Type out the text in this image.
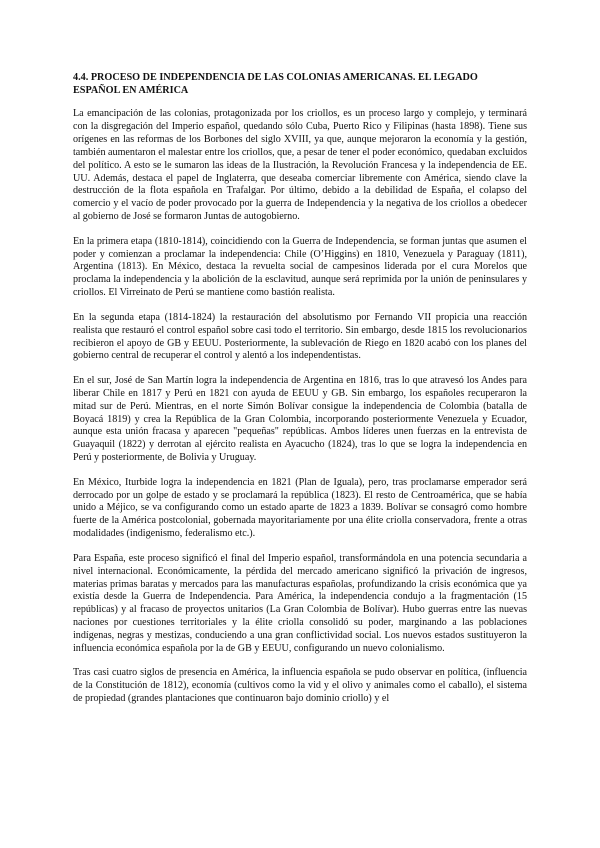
4.4. PROCESO DE INDEPENDENCIA DE LAS COLONIAS AMERICANAS. EL LEGADO ESPAÑOL EN AMÉRICA

La emancipación de las colonias, protagonizada por los criollos, es un proceso largo y complejo, y terminará con la disgregación del Imperio español, quedando sólo Cuba, Puerto Rico y Filipinas (hasta 1898). Tiene sus orígenes en las reformas de los Borbones del siglo XVIII, ya que, aunque mejoraron la economía y la gestión, también aumentaron el malestar entre los criollos, que, a pesar de tener el poder económico, quedaban excluidos del político. A esto se le sumaron las ideas de la Ilustración, la Revolución Francesa y la independencia de EE. UU. Además, destaca el papel de Inglaterra, que deseaba comerciar libremente con América, siendo clave la destrucción de la flota española en Trafalgar. Por último, debido a la debilidad de España, el colapso del comercio y el vacío de poder provocado por la guerra de Independencia y la negativa de los criollos a obedecer al gobierno de José se formaron Juntas de autogobierno.

En la primera etapa (1810-1814), coincidiendo con la Guerra de Independencia, se forman juntas que asumen el poder y comienzan a proclamar la independencia: Chile (O’Higgins) en 1810, Venezuela y Paraguay (1811), Argentina (1813). En México, destaca la revuelta social de campesinos liderada por el cura Morelos que proclama la independencia y la abolición de la esclavitud, aunque será reprimida por la unión de peninsulares y criollos. El Virreinato de Perú se mantiene como bastión realista.

En la segunda etapa (1814-1824) la restauración del absolutismo por Fernando VII propicia una reacción realista que restauró el control español sobre casi todo el territorio. Sin embargo, desde 1815 los revolucionarios recibieron el apoyo de GB y EEUU. Posteriormente, la sublevación de Riego en 1820 acabó con los planes del gobierno central de recuperar el control y alentó a los independentistas.

En el sur, José de San Martín logra la independencia de Argentina en 1816, tras lo que atravesó los Andes para liberar Chile en 1817 y Perú en 1821 con ayuda de EEUU y GB. Sin embargo, los españoles recuperaron la mitad sur de Perú. Mientras, en el norte Simón Bolívar consigue la independencia de Colombia (batalla de Boyacá 1819) y crea la República de la Gran Colombia, incorporando posteriormente Venezuela y Ecuador, aunque esta unión fracasa y aparecen "pequeñas" repúblicas. Ambos líderes unen fuerzas en la entrevista de Guayaquil (1822) y derrotan al ejército realista en Ayacucho (1824), tras lo que se logra la independencia en Perú y posteriormente, de Bolivia y Uruguay.

En México, Iturbide logra la independencia en 1821 (Plan de Iguala), pero, tras proclamarse emperador será derrocado por un golpe de estado y se proclamará la república (1823). El resto de Centroamérica, que se había unido a Méjico, se va configurando como un estado aparte de 1823 a 1839. Bolívar se consagró como hombre fuerte de la América postcolonial, gobernada mayoritariamente por una élite criolla conservadora, frente a otras modalidades (indigenismo, federalismo etc.).

Para España, este proceso significó el final del Imperio español, transformándola en una potencia secundaria a nivel internacional. Económicamente, la pérdida del mercado americano significó la privación de ingresos, materias primas baratas y mercados para las manufacturas españolas, profundizando la crisis económica que ya existía desde la Guerra de Independencia. Para América, la independencia condujo a la fragmentación (15 repúblicas) y al fracaso de proyectos unitarios (La Gran Colombia de Bolívar). Hubo guerras entre las nuevas naciones por cuestiones territoriales y la élite criolla consolidó su poder, marginando a las poblaciones indígenas, negras y mestizas, conduciendo a una gran conflictividad social. Los nuevos estados sustituyeron la influencia económica española por la de GB y EEUU, configurando un nuevo colonialismo.

Tras casi cuatro siglos de presencia en América, la influencia española se pudo observar en política, (influencia de la Constitución de 1812), economía (cultivos como la vid y el olivo y animales como el caballo), el sistema de propiedad (grandes plantaciones que continuaron bajo dominio criollo) y el
